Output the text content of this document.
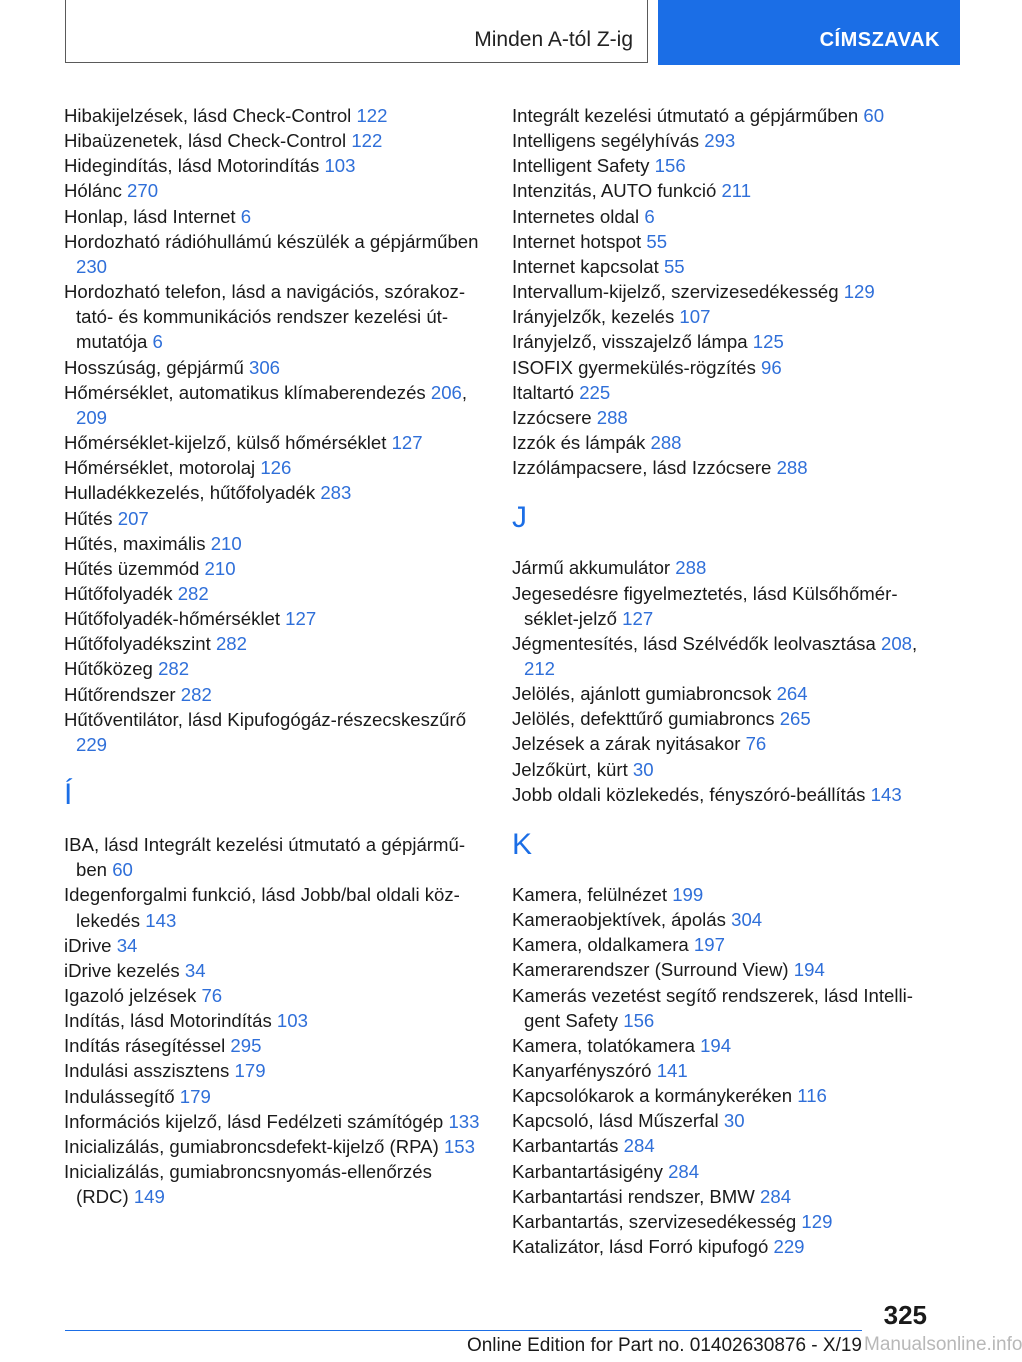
Minden A-tól Z-ig	CÍMSZAVAK

Hibakijelzések, lásd Check-Control 122

Hibaüzenetek, lásd Check-Control 122

Hidegindítás, lásd Motorindítás 103

Hólánc 270

Honlap, lásd Internet 6

Hordozható rádióhullámú készülék a gépjárműben 230

Hordozható telefon, lásd a navigációs, szórakoztató- és kommunikációs rendszer kezelési útmutatója 6

Hosszúság, gépjármű 306

Hőmérséklet, automatikus klímaberendezés 206, 209

Hőmérséklet-kijelző, külső hőmérséklet 127

Hőmérséklet, motorolaj 126

Hulladékkezelés, hűtőfolyadék 283

Hűtés 207

Hűtés, maximális 210

Hűtés üzemmód 210

Hűtőfolyadék 282

Hűtőfolyadék-hőmérséklet 127

Hűtőfolyadékszint 282

Hűtőközeg 282

Hűtőrendszer 282

Hűtőventilátor, lásd Kipufogógáz-részecskeszűrő 229

Í

IBA, lásd Integrált kezelési útmutató a gépjárműben 60

Idegenforgalmi funkció, lásd Jobb/bal oldali közlekedés 143

iDrive 34

iDrive kezelés 34

Igazoló jelzések 76

Indítás, lásd Motorindítás 103

Indítás rásegítéssel 295

Indulási asszisztens 179

Indulássegítő 179

Információs kijelző, lásd Fedélzeti számítógép 133

Inicializálás, gumiabroncsdefekt-kijelző (RPA) 153

Inicializálás, gumiabroncsnyomás-ellenőrzés (RDC) 149

Integrált kezelési útmutató a gépjárműben 60

Intelligens segélyhívás 293

Intelligent Safety 156

Intenzitás, AUTO funkció 211

Internetes oldal 6

Internet hotspot 55

Internet kapcsolat 55

Intervallum-kijelző, szervizesedékesség 129

Irányjelzők, kezelés 107

Irányjelző, visszajelző lámpa 125

ISOFIX gyermekülés-rögzítés 96

Italtartó 225

Izzócsere 288

Izzók és lámpák 288

Izzólámpacsere, lásd Izzócsere 288

J

Jármű akkumulátor 288

Jegesedésre figyelmeztetés, lásd Külsőhőmérséklet-jelző 127

Jégmentesítés, lásd Szélvédők leolvasztása 208, 212

Jelölés, ajánlott gumiabroncsok 264

Jelölés, defekttűrő gumiabroncs 265

Jelzések a zárak nyitásakor 76

Jelzőkürt, kürt 30

Jobb oldali közlekedés, fényszóró-beállítás 143

K

Kamera, felülnézet 199

Kameraobjektívek, ápolás 304

Kamera, oldalkamera 197

Kamerarendszer (Surround View) 194

Kamerás vezetést segítő rendszerek, lásd Intelligent Safety 156

Kamera, tolatókamera 194

Kanyarfényszóró 141

Kapcsolókarok a kormánykeréken 116

Kapcsoló, lásd Műszerfal 30

Karbantartás 284

Karbantartásigény 284

Karbantartási rendszer, BMW 284

Karbantartás, szervizesedékesség 129

Katalizátor, lásd Forró kipufogó 229

325
Online Edition for Part no. 01402630876 - X/19 Manualsonline.info
